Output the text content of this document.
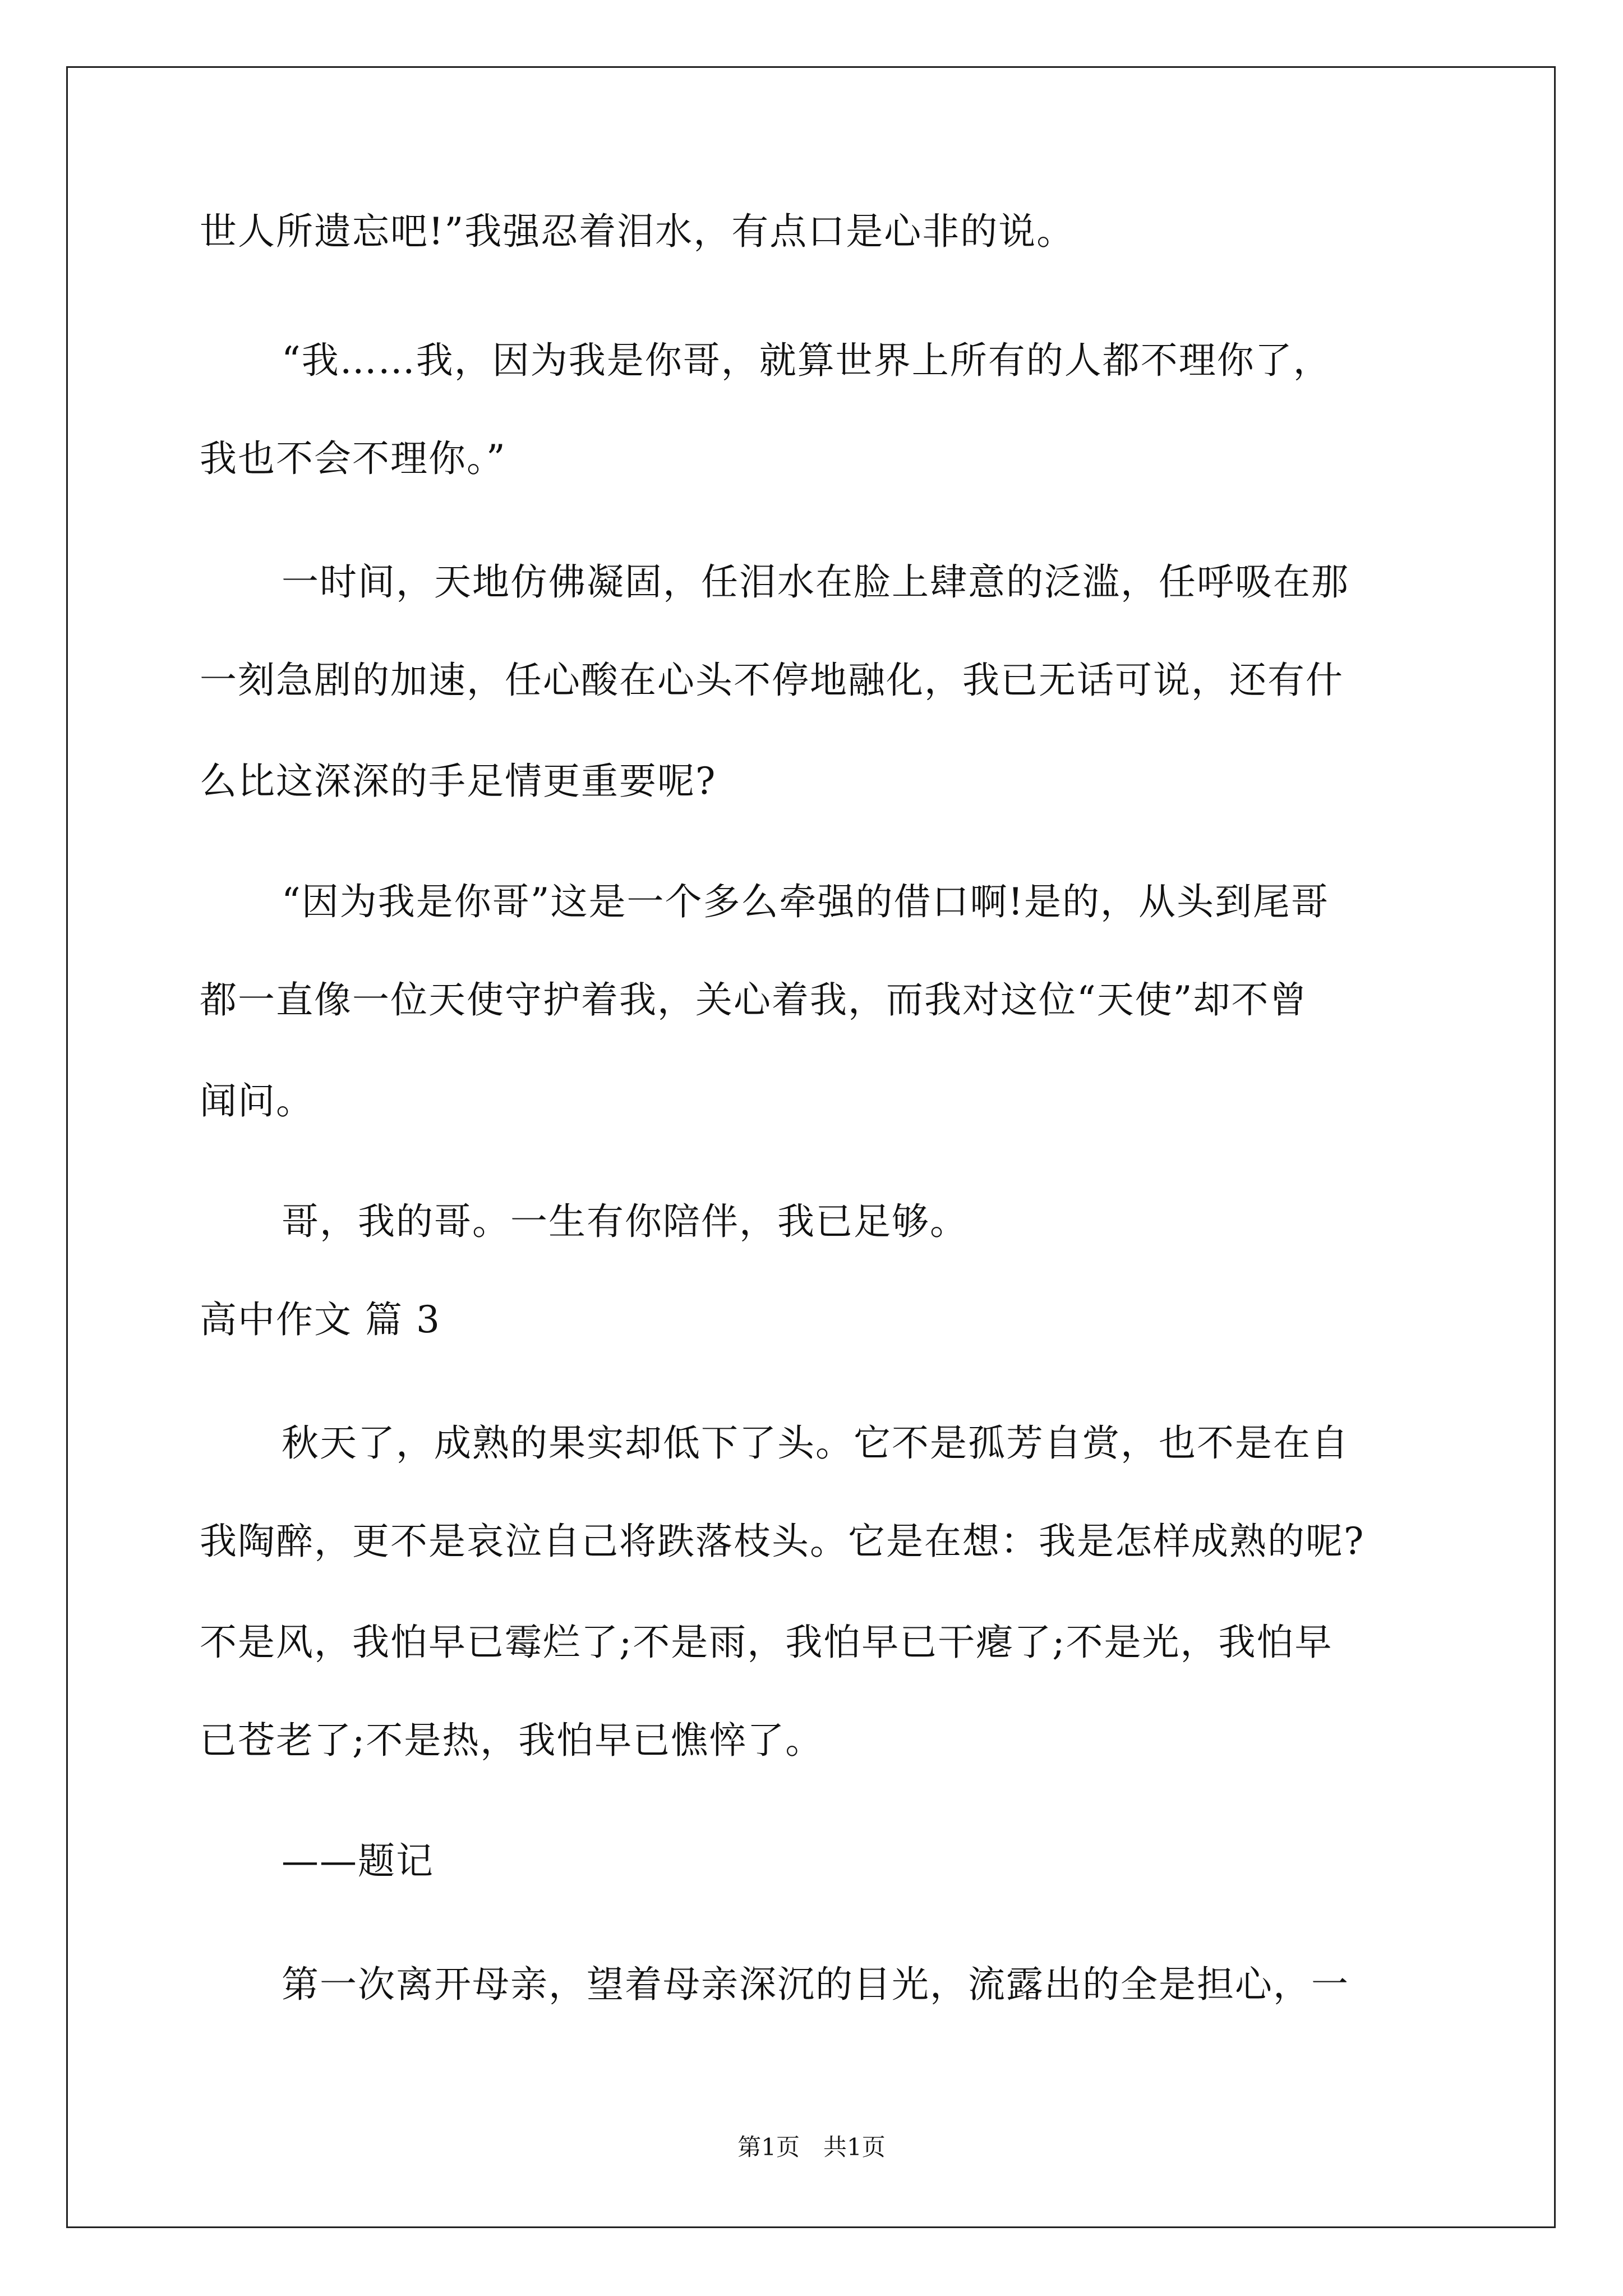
世人所遗忘吧!”我强忍着泪水，有点口是心非的说。

“我……我，因为我是你哥，就算世界上所有的人都不理你了，

我也不会不理你。”

一时间，天地仿佛凝固，任泪水在脸上肆意的泛滥，任呼吸在那

一刻急剧的加速，任心酸在心头不停地融化，我已无话可说，还有什

么比这深深的手足情更重要呢?

“因为我是你哥”这是一个多么牵强的借口啊!是的，从头到尾哥

都一直像一位天使守护着我，关心着我，而我对这位“天使”却不曾

闻问。

哥，我的哥。一生有你陪伴，我已足够。

高中作文 篇 3

秋天了，成熟的果实却低下了头。它不是孤芳自赏，也不是在自

我陶醉，更不是哀泣自己将跌落枝头。它是在想：我是怎样成熟的呢?

不是风，我怕早已霉烂了;不是雨，我怕早已干瘪了;不是光，我怕早

已苍老了;不是热，我怕早已憔悴了。

——题记

第一次离开母亲，望着母亲深沉的目光，流露出的全是担心，一

第1页　共1页
